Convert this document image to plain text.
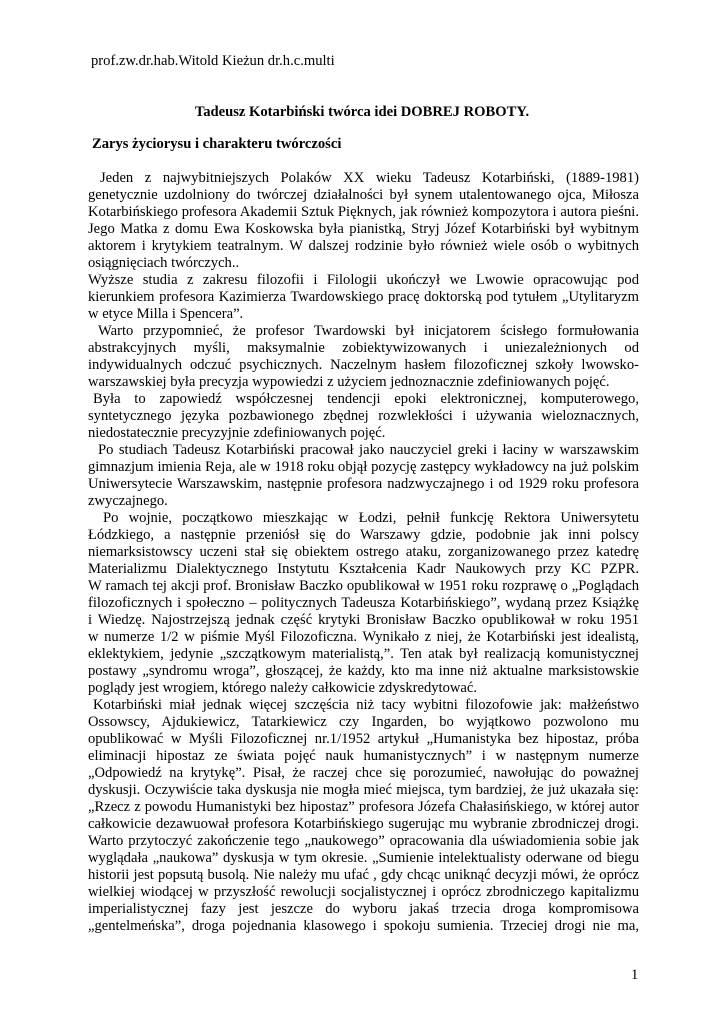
prof.zw.dr.hab.Witold Kieżun dr.h.c.multi
Tadeusz Kotarbiński twórca idei DOBREJ ROBOTY.
Zarys życiorysu i charakteru twórczości
Jeden z najwybitniejszych Polaków XX wieku Tadeusz Kotarbiński, (1889-1981)
genetycznie uzdolniony do twórczej działalności był synem utalentowanego ojca, Miłosza
Kotarbińskiego profesora Akademii Sztuk Pięknych, jak również kompozytora i autora pieśni.
Jego Matka z domu Ewa Koskowska była pianistką, Stryj Józef Kotarbiński był wybitnym
aktorem i krytykiem teatralnym. W dalszej rodzinie było również wiele osób o wybitnych
osiągnięciach twórczych..
Wyższe studia z zakresu filozofii i Filologii ukończył we Lwowie opracowując pod
kierunkiem profesora Kazimierza Twardowskiego pracę doktorską pod tytułem „Utylitaryzm
w etyce Milla i Spencera”.
Warto przypomnieć, że profesor Twardowski był inicjatorem ścisłego formułowania
abstrakcyjnych myśli, maksymalnie zobiektywizowanych i uniezależnionych od
indywidualnych odczuć psychicznych. Naczelnym hasłem filozoficznej szkoły lwowsko-
warszawskiej była precyzja wypowiedzi z użyciem jednoznacznie zdefiniowanych pojęć.
Była to zapowiedź współczesnej tendencji epoki elektronicznej, komputerowego,
syntetycznego języka pozbawionego zbędnej rozwlekłości i używania wieloznacznych,
niedostatecznie precyzyjnie zdefiniowanych pojęć.
Po studiach Tadeusz Kotarbiński pracował jako nauczyciel greki i łaciny w warszawskim
gimnazjum imienia Reja, ale w 1918 roku objął pozycję zastępcy wykładowcy na już polskim
Uniwersytecie Warszawskim, następnie profesora nadzwyczajnego i od 1929 roku profesora
zwyczajnego.
Po wojnie, początkowo mieszkając w Łodzi, pełnił funkcję Rektora Uniwersytetu
Łódzkiego, a następnie przeniósł się do Warszawy gdzie, podobnie jak inni polscy
niemarksistowscy uczeni stał się obiektem ostrego ataku, zorganizowanego przez katedrę
Materializmu Dialektycznego Instytutu Kształcenia Kadr Naukowych przy KC PZPR.
W ramach tej akcji prof. Bronisław Baczko opublikował w 1951 roku rozprawę o „Poglądach
filozoficznych i społeczno – politycznych Tadeusza Kotarbińskiego”, wydaną przez Książkę
i Wiedzę. Najostrzejszą jednak część krytyki Bronisław Baczko opublikował w roku 1951
w numerze 1/2 w piśmie Myśl Filozoficzna. Wynikało z niej, że Kotarbiński jest idealistą,
eklektykiem, jedynie „szczątkowym materialistą,”. Ten atak był realizacją komunistycznej
postawy „syndromu wroga”, głoszącej, że każdy, kto ma inne niż aktualne marksistowskie
poglądy jest wrogiem, którego należy całkowicie zdyskredytować.
Kotarbiński miał jednak więcej szczęścia niż tacy wybitni filozofowie jak: małżeństwo
Ossowscy, Ajdukiewicz, Tatarkiewicz czy Ingarden, bo wyjątkowo pozwolono mu
opublikować w Myśli Filozoficznej nr.1/1952 artykuł „Humanistyka bez hipostaz, próba
eliminacji hipostaz ze świata pojęć nauk humanistycznych” i w następnym numerze
„Odpowiedź na krytykę”. Pisał, że raczej chce się porozumieć, nawołując do poważnej
dyskusji. Oczywiście taka dyskusja nie mogła mieć miejsca, tym bardziej, że już ukazała się:
„Rzecz z powodu Humanistyki bez hipostaz” profesora Józefa Chałasińskiego, w której autor
całkowicie dezawuował profesora Kotarbińskiego sugerując mu wybranie zbrodniczej drogi.
Warto przytoczyć zakończenie tego „naukowego” opracowania dla uświadomienia sobie jak
wyglądała „naukowa” dyskusja w tym okresie. „Sumienie intelektualisty oderwane od biegu
historii jest popsutą busolą. Nie należy mu ufać , gdy chcąc uniknąć decyzji mówi, że oprócz
wielkiej wiodącej w przyszłość rewolucji socjalistycznej i oprócz zbrodniczego kapitalizmu
imperialistycznej fazy jest jeszcze do wyboru jakaś trzecia droga kompromisowa
„gentelmeńska”, droga pojednania klasowego i spokoju sumienia. Trzeciej drogi nie ma,
1
